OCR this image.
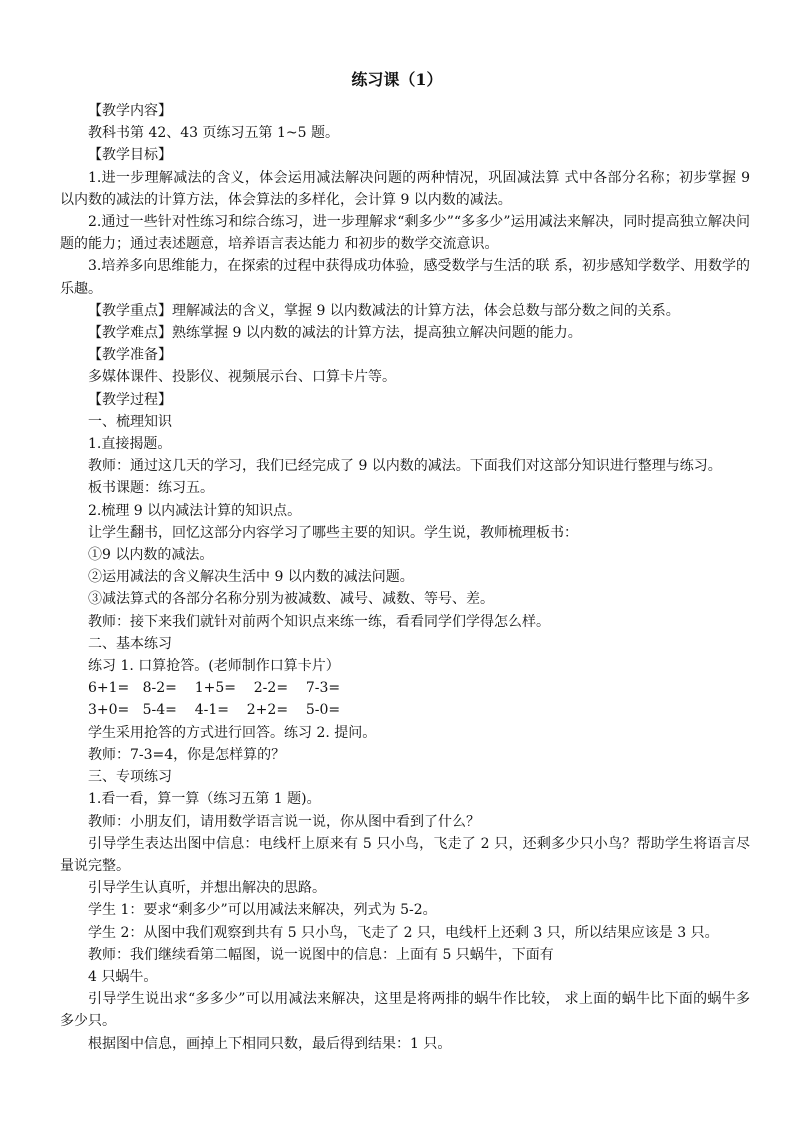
练习课（1）

【教学内容】

教科书第 42、43 页练习五第 1~5 题。

【教学目标】

1.进一步理解减法的含义，体会运用减法解决问题的两种情况，巩固减法算 式中各部分名称；初步掌握 9 以内数的减法的计算方法，体会算法的多样化，会计算 9 以内数的减法。

2.通过一些针对性练习和综合练习，进一步理解求“剩多少”“多多少”运用减法来解决，同时提高独立解决问题的能力；通过表述题意，培养语言表达能力 和初步的数学交流意识。

3.培养多向思维能力，在探索的过程中获得成功体验，感受数学与生活的联 系，初步感知学数学、用数学的乐趣。

【教学重点】理解减法的含义，掌握 9 以内数减法的计算方法，体会总数与部分数之间的关系。

【教学难点】熟练掌握 9 以内数的减法的计算方法，提高独立解决问题的能力。

【教学准备】

多媒体课件、投影仪、视频展示台、口算卡片等。

【教学过程】

一、梳理知识

1.直接揭题。

教师：通过这几天的学习，我们已经完成了 9 以内数的减法。下面我们对这部分知识进行整理与练习。

板书课题：练习五。

2.梳理 9 以内减法计算的知识点。

让学生翻书，回忆这部分内容学习了哪些主要的知识。学生说，教师梳理板书：

①9 以内数的减法。

②运用减法的含义解决生活中 9 以内数的减法问题。

③减法算式的各部分名称分别为被减数、减号、减数、等号、差。

教师：接下来我们就针对前两个知识点来练一练，看看同学们学得怎么样。

二、基本练习

练习 1. 口算抢答。(老师制作口算卡片）

6+1=   8-2=    1+5=    2-2=    7-3=

3+0=   5-4=    4-1=    2+2=    5-0=

学生采用抢答的方式进行回答。练习 2. 提问。

教师：7-3=4，你是怎样算的？

三、专项练习

1.看一看，算一算（练习五第 1 题)。

教师：小朋友们，请用数学语言说一说，你从图中看到了什么？

引导学生表达出图中信息：电线杆上原来有 5 只小鸟，飞走了 2 只，还剩多少只小鸟？帮助学生将语言尽量说完整。

引导学生认真听，并想出解决的思路。

学生 1：要求“剩多少”可以用减法来解决，列式为 5-2。

学生 2：从图中我们观察到共有 5 只小鸟，飞走了 2 只，电线杆上还剩 3 只，所以结果应该是 3 只。

教师：我们继续看第二幅图，说一说图中的信息：上面有 5 只蜗牛，下面有

4 只蜗牛。

引导学生说出求“多多少”可以用减法来解决，这里是将两排的蜗牛作比较， 求上面的蜗牛比下面的蜗牛多多少只。

根据图中信息，画掉上下相同只数，最后得到结果：1 只。
